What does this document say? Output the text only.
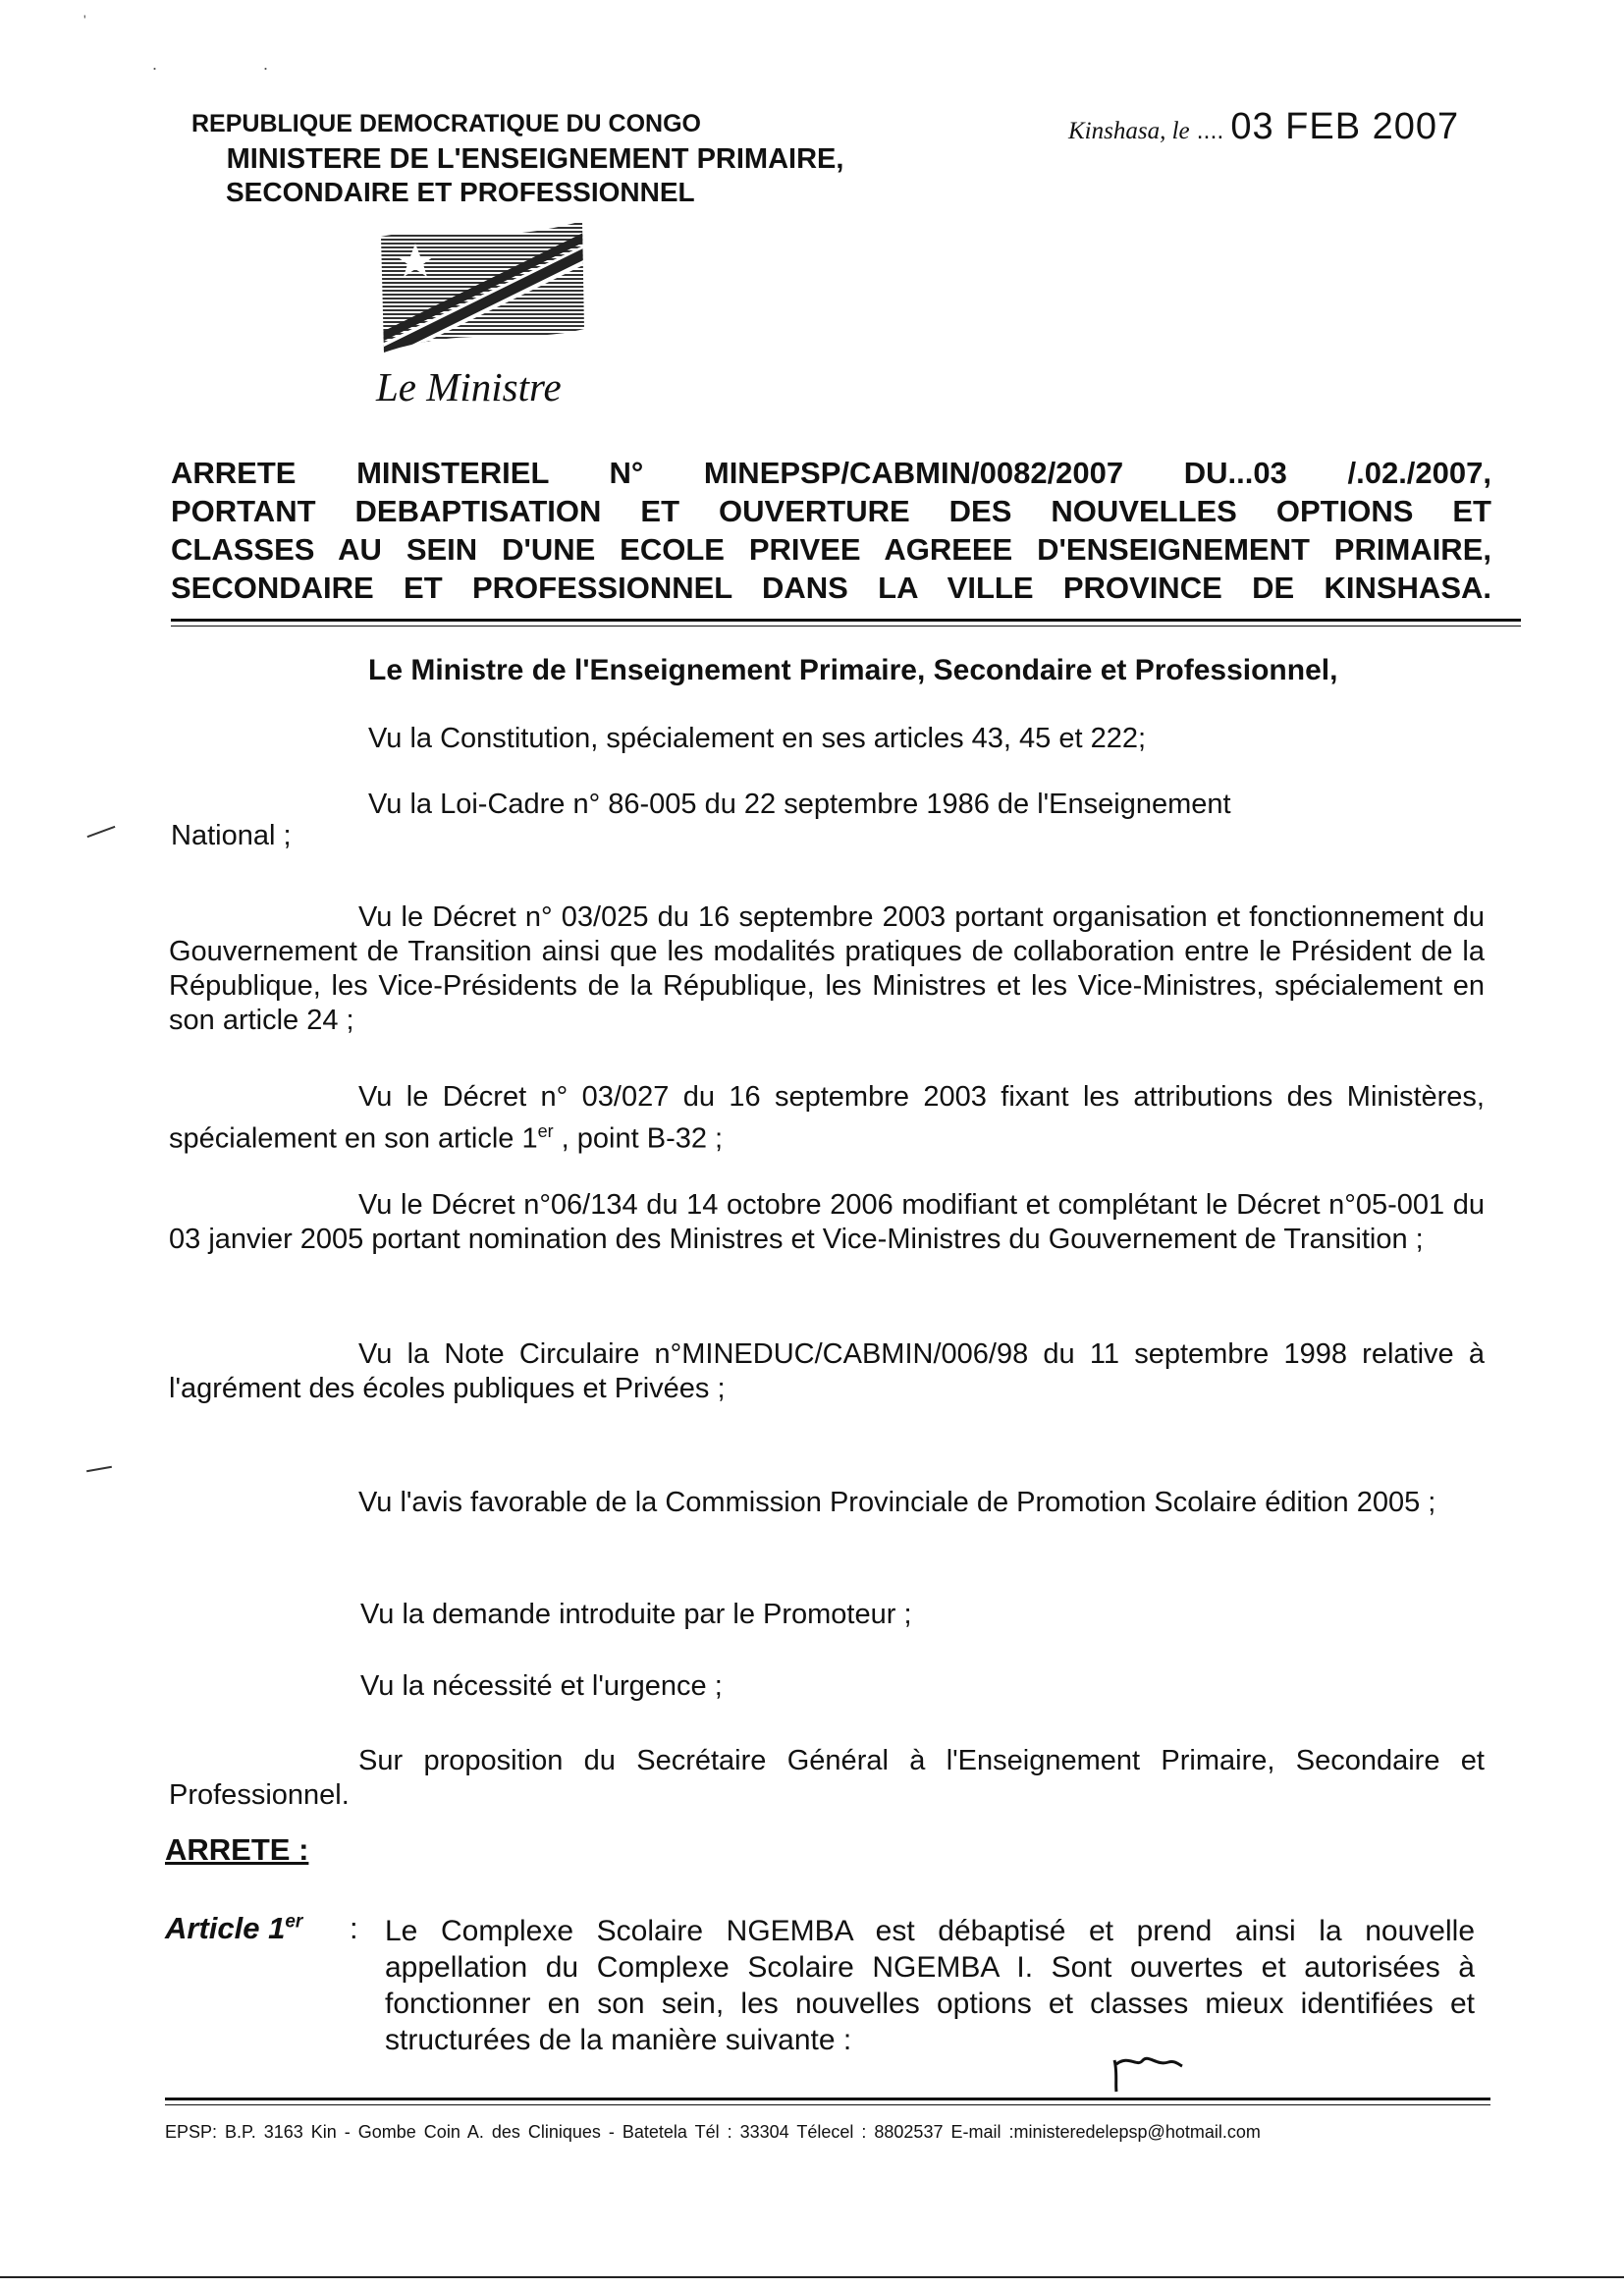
REPUBLIQUE DEMOCRATIQUE DU CONGO
MINISTERE DE L'ENSEIGNEMENT PRIMAIRE,
SECONDAIRE ET PROFESSIONNEL
Kinshasa, le .... 03 FEB 2007
Le Ministre

ARRETE MINISTERIEL N° MINEPSP/CABMIN/0082/2007 DU...03 /.02./2007,

PORTANT DEBAPTISATION ET OUVERTURE DES NOUVELLES OPTIONS ET

CLASSES AU SEIN D'UNE ECOLE PRIVEE AGREEE D'ENSEIGNEMENT PRIMAIRE,

SECONDAIRE ET PROFESSIONNEL DANS LA VILLE PROVINCE DE KINSHASA.

Le Ministre de l'Enseignement Primaire, Secondaire et Professionnel,
Vu la Constitution, spécialement en ses articles 43, 45 et 222;
Vu la Loi-Cadre n° 86-005 du 22 septembre 1986 de l'Enseignement
National ;
Vu le Décret n° 03/025 du 16 septembre 2003 portant organisation et fonctionnement du Gouvernement de Transition ainsi que les modalités pratiques de collaboration entre le Président de la République, les Vice-Présidents de la République, les Ministres et les Vice-Ministres, spécialement en son article 24 ;
Vu le Décret n° 03/027 du 16 septembre 2003 fixant les attributions des Ministères, spécialement en son article 1er , point B-32 ;
Vu le Décret n°06/134 du 14 octobre 2006 modifiant et complétant le Décret n°05-001 du 03 janvier 2005 portant nomination des Ministres et Vice-Ministres du Gouvernement de Transition ;
Vu la Note Circulaire n°MINEDUC/CABMIN/006/98 du 11 septembre 1998 relative à l'agrément des écoles publiques et Privées ;
Vu l'avis favorable de la Commission Provinciale de Promotion Scolaire édition 2005 ;
Vu la demande introduite par le Promoteur ;
Vu la nécessité et l'urgence ;
Sur proposition du Secrétaire Général à l'Enseignement Primaire, Secondaire et Professionnel.
ARRETE :
Article 1er : Le Complexe Scolaire NGEMBA est débaptisé et prend ainsi la nouvelle appellation du Complexe Scolaire NGEMBA I. Sont ouvertes et autorisées à fonctionner en son sein, les nouvelles options et classes mieux identifiées et structurées de la manière suivante :
EPSP: B.P. 3163 Kin - Gombe Coin A. des Cliniques - Batetela Tél : 33304 Télecel : 8802537 E-mail :ministeredelepsp@hotmail.com
'
.	.
